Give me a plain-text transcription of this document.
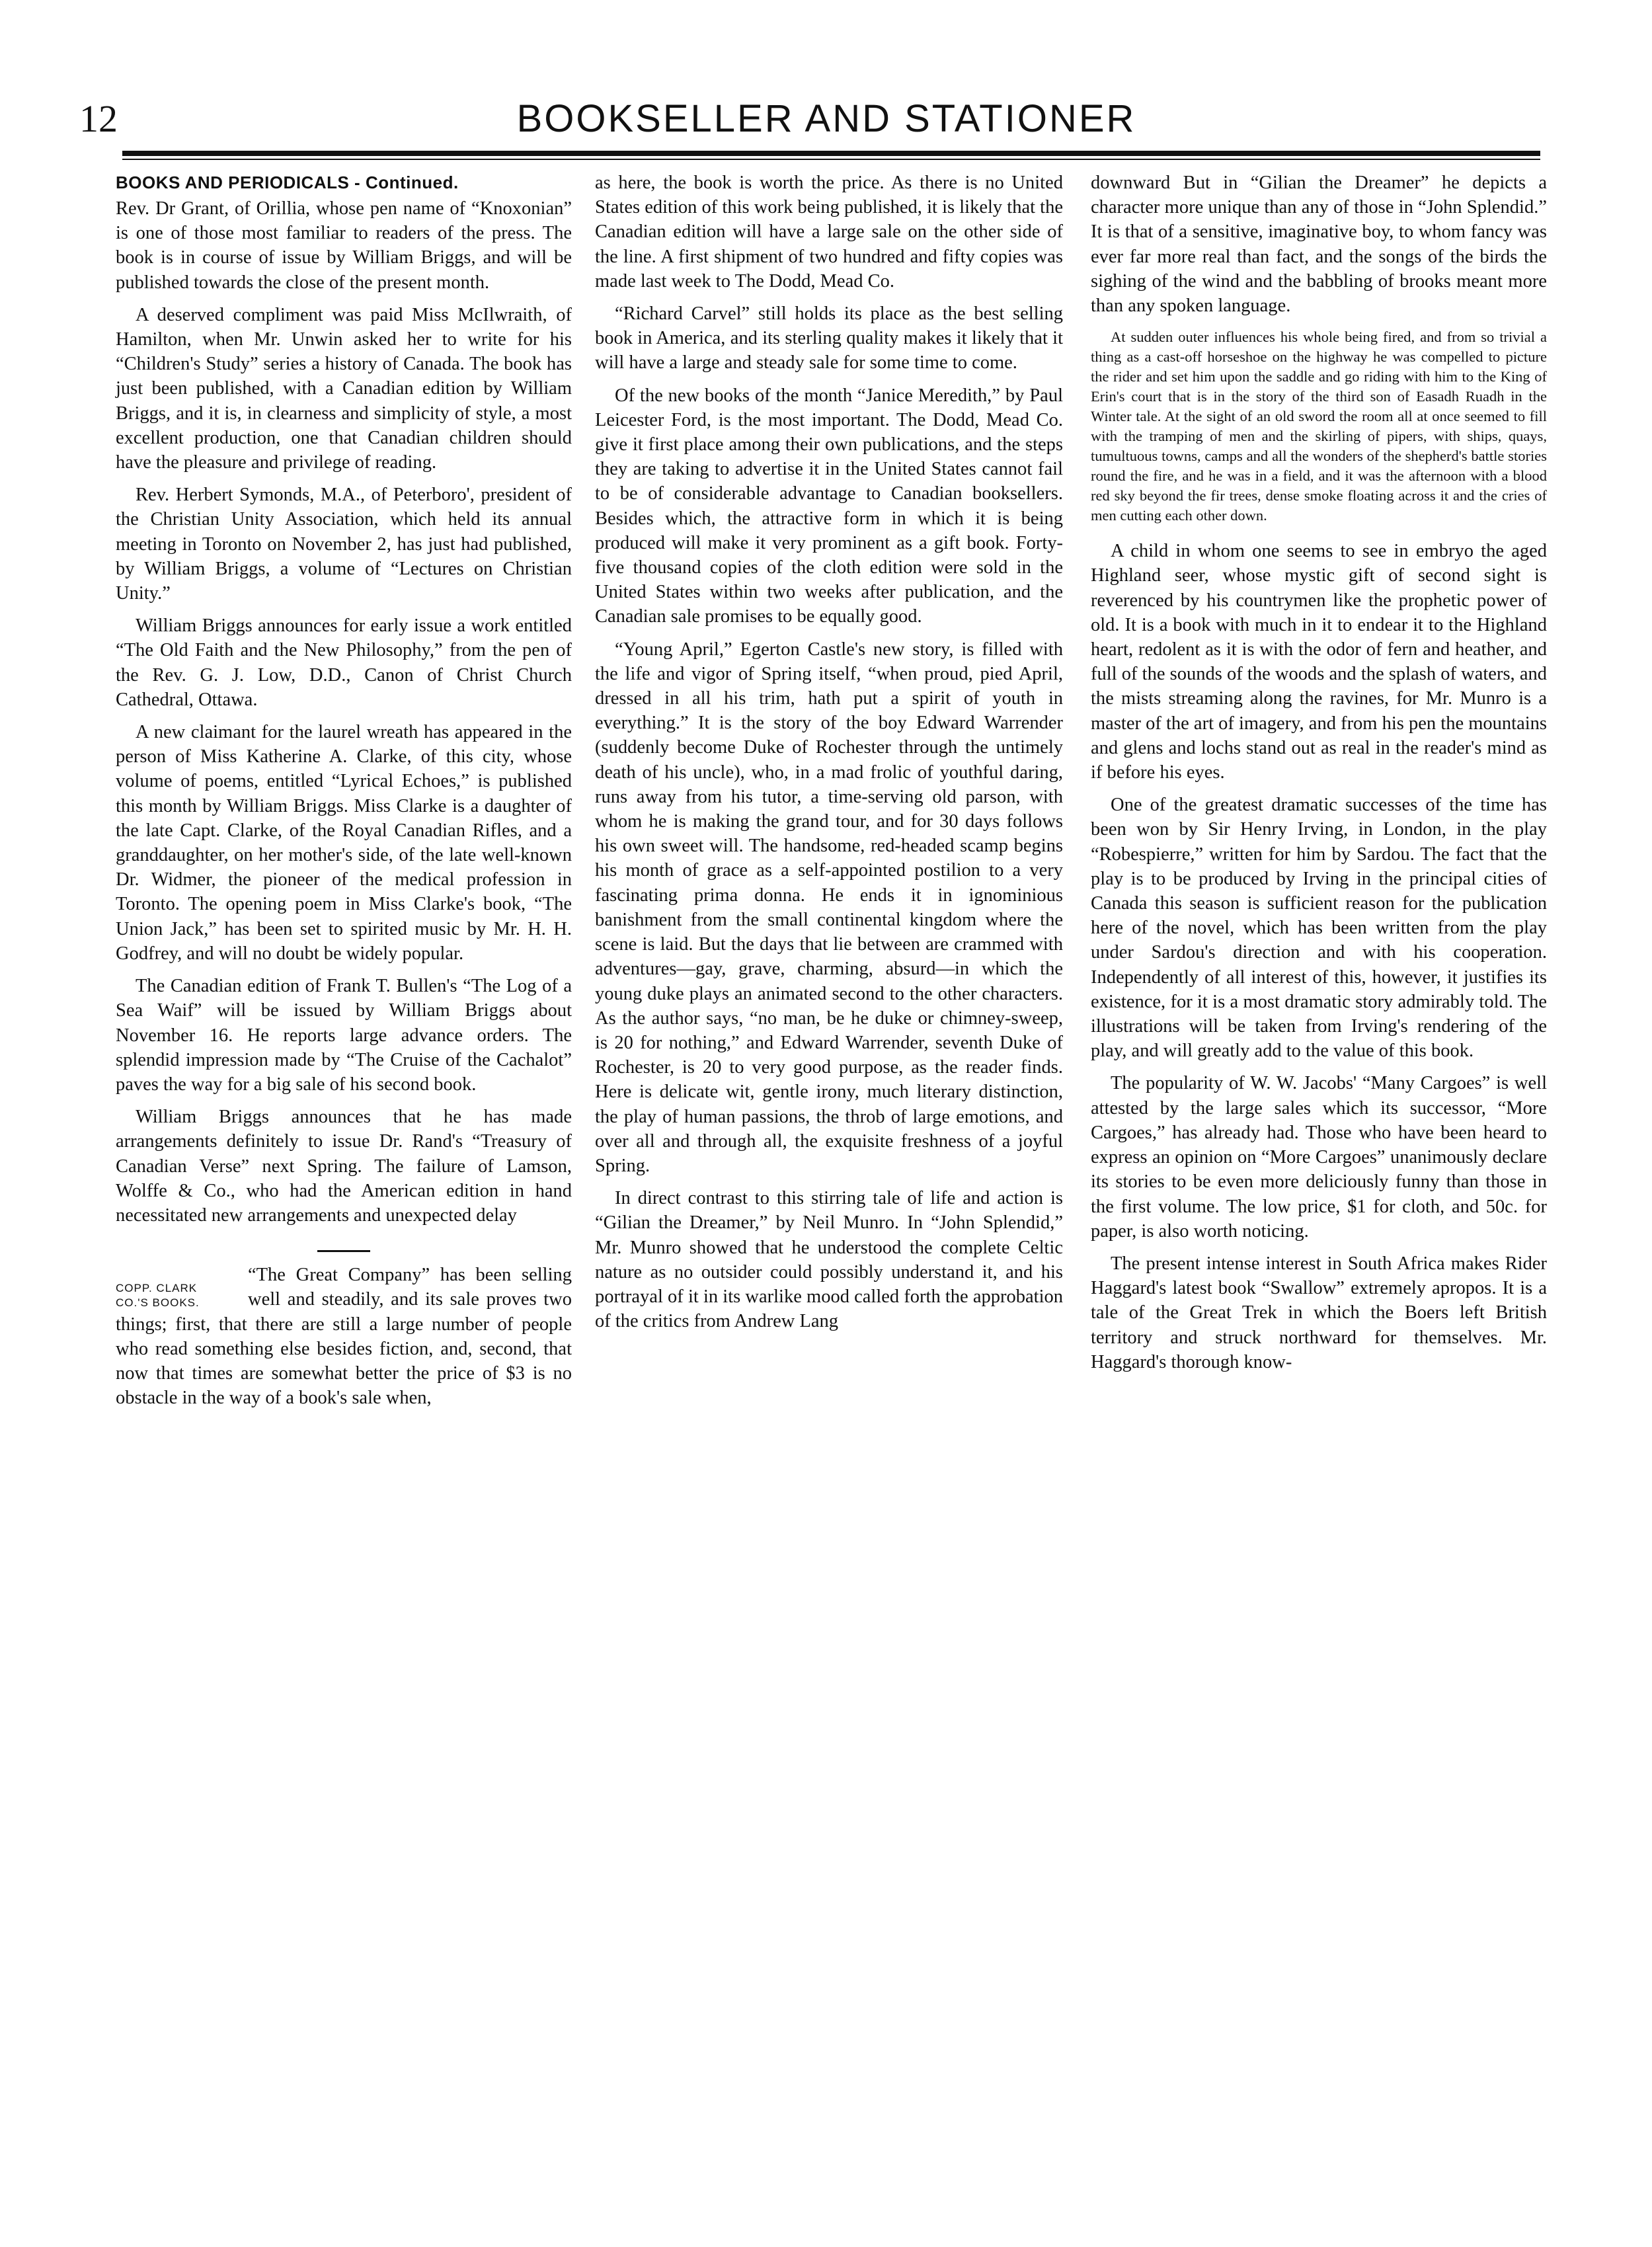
12	BOOKSELLER AND STATIONER
BOOKS AND PERIODICALS - Continued.

Rev. Dr Grant, of Orillia, whose pen name of “Knoxonian” is one of those most familiar to readers of the press. The book is in course of issue by William Briggs, and will be published towards the close of the present month.

A deserved compliment was paid Miss McIlwraith, of Hamilton, when Mr. Unwin asked her to write for his “Children's Study” series a history of Canada. The book has just been published, with a Canadian edition by William Briggs, and it is, in clearness and simplicity of style, a most excellent production, one that Canadian children should have the pleasure and privilege of reading.

Rev. Herbert Symonds, M.A., of Peterboro', president of the Christian Unity Association, which held its annual meeting in Toronto on November 2, has just had published, by William Briggs, a volume of “Lectures on Christian Unity.”

William Briggs announces for early issue a work entitled “The Old Faith and the New Philosophy,” from the pen of the Rev. G. J. Low, D.D., Canon of Christ Church Cathedral, Ottawa.

A new claimant for the laurel wreath has appeared in the person of Miss Katherine A. Clarke, of this city, whose volume of poems, entitled “Lyrical Echoes,” is published this month by William Briggs. Miss Clarke is a daughter of the late Capt. Clarke, of the Royal Canadian Rifles, and a granddaughter, on her mother's side, of the late well-known Dr. Widmer, the pioneer of the medical profession in Toronto. The opening poem in Miss Clarke's book, “The Union Jack,” has been set to spirited music by Mr. H. H. Godfrey, and will no doubt be widely popular.

The Canadian edition of Frank T. Bullen's “The Log of a Sea Waif” will be issued by William Briggs about November 16. He reports large advance orders. The splendid impression made by “The Cruise of the Cachalot” paves the way for a big sale of his second book.

William Briggs announces that he has made arrangements definitely to issue Dr. Rand's “Treasury of Canadian Verse” next Spring. The failure of Lamson, Wolffe & Co., who had the American edition in hand necessitated new arrangements and unexpected delay

COPP. CLARK
CO.'S BOOKS.

“The Great Company” has been selling well and steadily, and its sale proves two things; first, that there are still a large number of people who read something else besides fiction, and, second, that now that times are somewhat better the price of $3 is no obstacle in the way of a book's sale when,

as here, the book is worth the price. As there is no United States edition of this work being published, it is likely that the Canadian edition will have a large sale on the other side of the line. A first shipment of two hundred and fifty copies was made last week to The Dodd, Mead Co.

“Richard Carvel” still holds its place as the best selling book in America, and its sterling quality makes it likely that it will have a large and steady sale for some time to come.

Of the new books of the month “Janice Meredith,” by Paul Leicester Ford, is the most important. The Dodd, Mead Co. give it first place among their own publications, and the steps they are taking to advertise it in the United States cannot fail to be of considerable advantage to Canadian booksellers. Besides which, the attractive form in which it is being produced will make it very prominent as a gift book. Forty-five thousand copies of the cloth edition were sold in the United States within two weeks after publication, and the Canadian sale promises to be equally good.

“Young April,” Egerton Castle's new story, is filled with the life and vigor of Spring itself, “when proud, pied April, dressed in all his trim, hath put a spirit of youth in everything.” It is the story of the boy Edward Warrender (suddenly become Duke of Rochester through the untimely death of his uncle), who, in a mad frolic of youthful daring, runs away from his tutor, a time-serving old parson, with whom he is making the grand tour, and for 30 days follows his own sweet will. The handsome, red-headed scamp begins his month of grace as a self-appointed postilion to a very fascinating prima donna. He ends it in ignominious banishment from the small continental kingdom where the scene is laid. But the days that lie between are crammed with adventures—gay, grave, charming, absurd—in which the young duke plays an animated second to the other characters. As the author says, “no man, be he duke or chimney-sweep, is 20 for nothing,” and Edward Warrender, seventh Duke of Rochester, is 20 to very good purpose, as the reader finds. Here is delicate wit, gentle irony, much literary distinction, the play of human passions, the throb of large emotions, and over all and through all, the exquisite freshness of a joyful Spring.

In direct contrast to this stirring tale of life and action is “Gilian the Dreamer,” by Neil Munro. In “John Splendid,” Mr. Munro showed that he understood the complete Celtic nature as no outsider could possibly understand it, and his portrayal of it in its warlike mood called forth the approbation of the critics from Andrew Lang

downward But in “Gilian the Dreamer” he depicts a character more unique than any of those in “John Splendid.” It is that of a sensitive, imaginative boy, to whom fancy was ever far more real than fact, and the songs of the birds the sighing of the wind and the babbling of brooks meant more than any spoken language.

At sudden outer influences his whole being fired, and from so trivial a thing as a cast-off horseshoe on the highway he was compelled to picture the rider and set him upon the saddle and go riding with him to the King of Erin's court that is in the story of the third son of Easadh Ruadh in the Winter tale. At the sight of an old sword the room all at once seemed to fill with the tramping of men and the skirling of pipers, with ships, quays, tumultuous towns, camps and all the wonders of the shepherd's battle stories round the fire, and he was in a field, and it was the afternoon with a blood red sky beyond the fir trees, dense smoke floating across it and the cries of men cutting each other down.

A child in whom one seems to see in embryo the aged Highland seer, whose mystic gift of second sight is reverenced by his countrymen like the prophetic power of old. It is a book with much in it to endear it to the Highland heart, redolent as it is with the odor of fern and heather, and full of the sounds of the woods and the splash of waters, and the mists streaming along the ravines, for Mr. Munro is a master of the art of imagery, and from his pen the mountains and glens and lochs stand out as real in the reader's mind as if before his eyes.

One of the greatest dramatic successes of the time has been won by Sir Henry Irving, in London, in the play “Robespierre,” written for him by Sardou. The fact that the play is to be produced by Irving in the principal cities of Canada this season is sufficient reason for the publication here of the novel, which has been written from the play under Sardou's direction and with his cooperation. Independently of all interest of this, however, it justifies its existence, for it is a most dramatic story admirably told. The illustrations will be taken from Irving's rendering of the play, and will greatly add to the value of this book.

The popularity of W. W. Jacobs' “Many Cargoes” is well attested by the large sales which its successor, “More Cargoes,” has already had. Those who have been heard to express an opinion on “More Cargoes” unanimously declare its stories to be even more deliciously funny than those in the first volume. The low price, $1 for cloth, and 50c. for paper, is also worth noticing.

The present intense interest in South Africa makes Rider Haggard's latest book “Swallow” extremely apropos. It is a tale of the Great Trek in which the Boers left British territory and struck northward for themselves. Mr. Haggard's thorough know-
